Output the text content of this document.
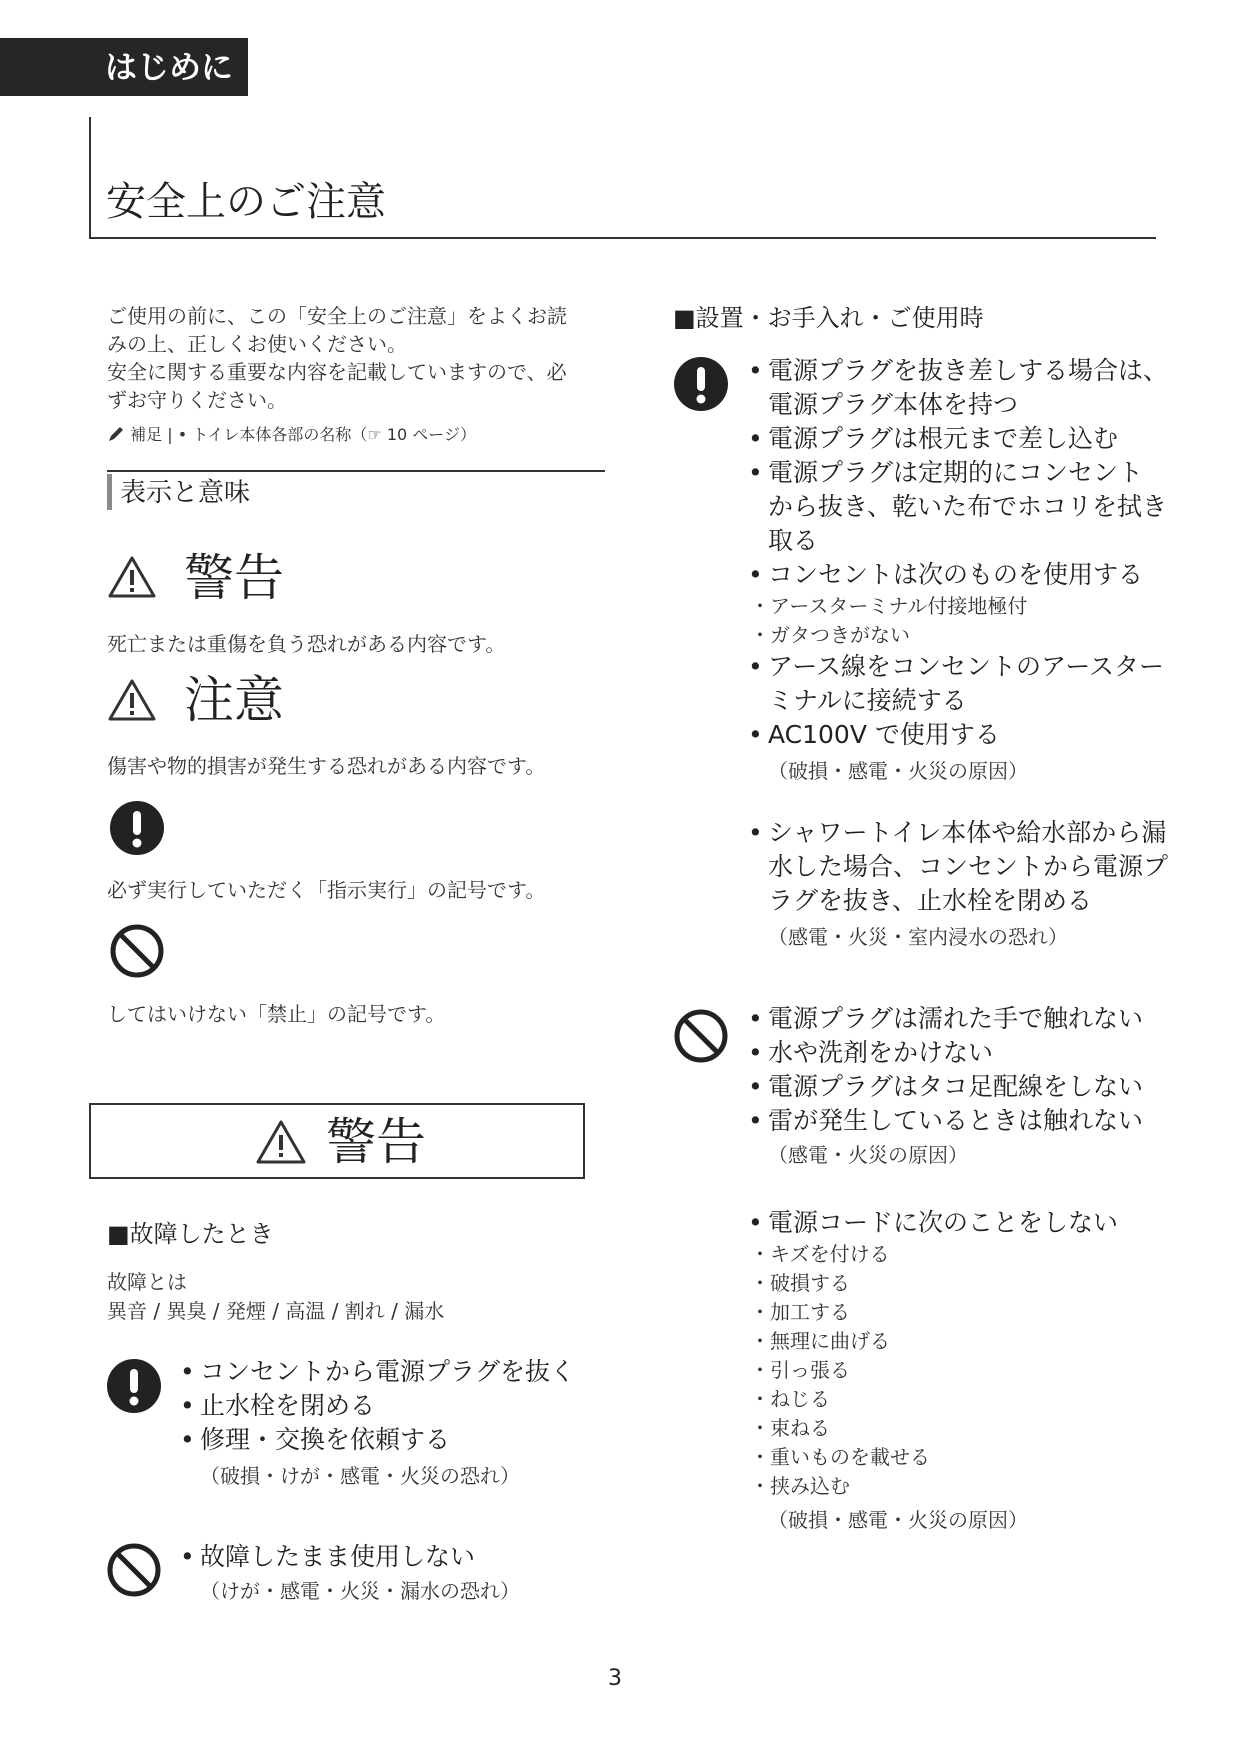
はじめに
安全上のご注意
ご使用の前に、この「安全上のご注意」をよくお読
みの上、正しくお使いください。
安全に関する重要な内容を記載していますので、必
ずお守りください。
補足 | • トイレ本体各部の名称（☞ 10 ページ）
表示と意味
警告
死亡または重傷を負う恐れがある内容です。
注意
傷害や物的損害が発生する恐れがある内容です。
必ず実行していただく「指示実行」の記号です。
してはいけない「禁止」の記号です。
警告
■故障したとき
故障とは
異音 / 異臭 / 発煙 / 高温 / 割れ / 漏水
• コンセントから電源プラグを抜く
• 止水栓を閉める
• 修理・交換を依頼する
（破損・けが・感電・火災の恐れ）
• 故障したまま使用しない
（けが・感電・火災・漏水の恐れ）
■設置・お手入れ・ご使用時
• 電源プラグを抜き差しする場合は、
電源プラグ本体を持つ
• 電源プラグは根元まで差し込む
• 電源プラグは定期的にコンセント
から抜き、乾いた布でホコリを拭き
取る
• コンセントは次のものを使用する
・ アースターミナル付接地極付
・ ガタつきがない
• アース線をコンセントのアースター
ミナルに接続する
• AC100V で使用する
（破損・感電・火災の原因）
• シャワートイレ本体や給水部から漏
水した場合、コンセントから電源プ
ラグを抜き、止水栓を閉める
（感電・火災・室内浸水の恐れ）
• 電源プラグは濡れた手で触れない
• 水や洗剤をかけない
• 電源プラグはタコ足配線をしない
• 雷が発生しているときは触れない
（感電・火災の原因）
• 電源コードに次のことをしない
・ キズを付ける
・ 破損する
・ 加工する
・ 無理に曲げる
・ 引っ張る
・ ねじる
・ 束ねる
・ 重いものを載せる
・ 挟み込む
（破損・感電・火災の原因）
3
